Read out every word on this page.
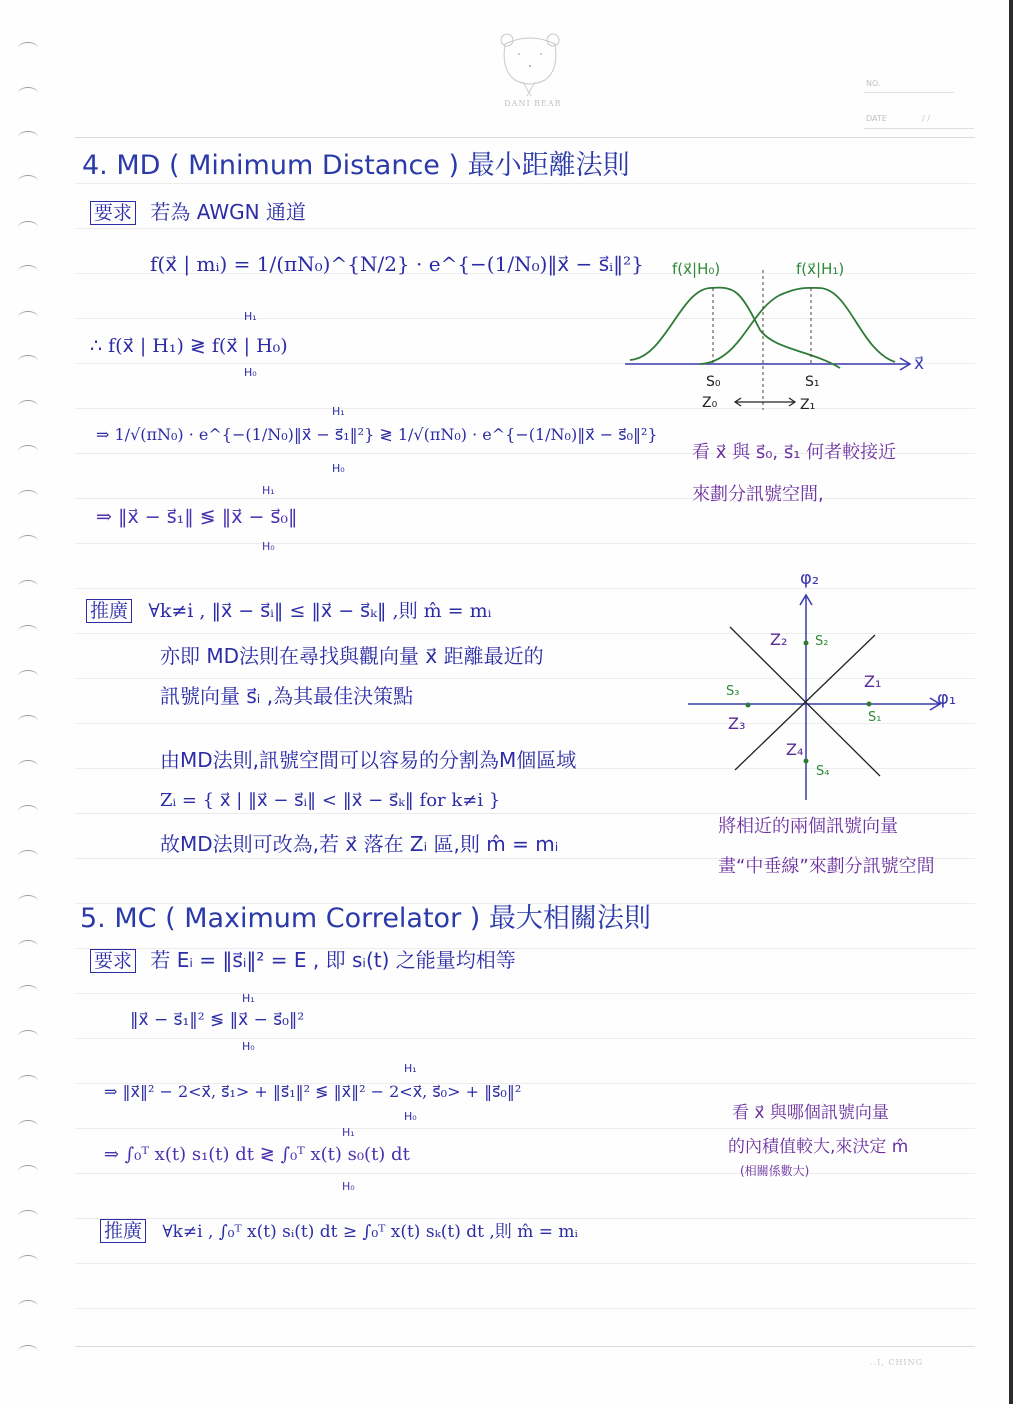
DANI BEAR
NO.
DATE	/ /
4. MD ( Minimum Distance ) 最小距離法則
要求 若為 AWGN 通道
f(x⃗ | mᵢ) = 1/(πN₀)^{N/2} · e^{−(1/N₀)‖x⃗ − s⃗ᵢ‖²}
∴ f(x⃗ | H₁) ≷ f(x⃗ | H₀)
H₁
H₀
⇒ 1/√(πN₀) · e^{−(1/N₀)‖x⃗ − s⃗₁‖²} ≷ 1/√(πN₀) · e^{−(1/N₀)‖x⃗ − s⃗₀‖²}
H₁
H₀
⇒ ‖x⃗ − s⃗₁‖ ≶ ‖x⃗ − s⃗₀‖
H₁
H₀
推廣 ∀k≠i , ‖x⃗ − s⃗ᵢ‖ ≤ ‖x⃗ − s⃗ₖ‖ ,則 m̂ = mᵢ
亦即 MD法則在尋找與觀向量 x⃗ 距離最近的
訊號向量 s⃗ᵢ ,為其最佳決策點
由MD法則,訊號空間可以容易的分割為M個區域
Zᵢ = { x⃗ | ‖x⃗ − s⃗ᵢ‖ < ‖x⃗ − s⃗ₖ‖ for k≠i }
故MD法則可改為,若 x⃗ 落在 Zᵢ 區,則 m̂ = mᵢ
f(x⃗|H₀)	f(x⃗|H₁)
x⃗
S₀	S₁
Z₀	Z₁
看 x⃗ 與 s⃗₀, s⃗₁ 何者較接近
來劃分訊號空間,
φ₂
φ₁
S₁
S₂
S₃
S₄
Z₁
Z₂
Z₃
Z₄
將相近的兩個訊號向量
畫“中垂線”來劃分訊號空間
5. MC ( Maximum Correlator ) 最大相關法則
要求 若 Eᵢ = ‖s⃗ᵢ‖² = E , 即 sᵢ(t) 之能量均相等
‖x⃗ − s⃗₁‖² ≶ ‖x⃗ − s⃗₀‖²
H₁
H₀
⇒ ‖x⃗‖² − 2<x⃗, s⃗₁> + ‖s⃗₁‖² ≶ ‖x⃗‖² − 2<x⃗, s⃗₀> + ‖s⃗₀‖²
H₁
H₀
⇒ ∫₀ᵀ x(t) s₁(t) dt ≷ ∫₀ᵀ x(t) s₀(t) dt
H₁
H₀
看 x⃗ 與哪個訊號向量
的內積值較大,來決定 m̂
(相關係數大)
推廣 ∀k≠i , ∫₀ᵀ x(t) sᵢ(t) dt ≥ ∫₀ᵀ x(t) sₖ(t) dt ,則 m̂ = mᵢ
..I, CHING
